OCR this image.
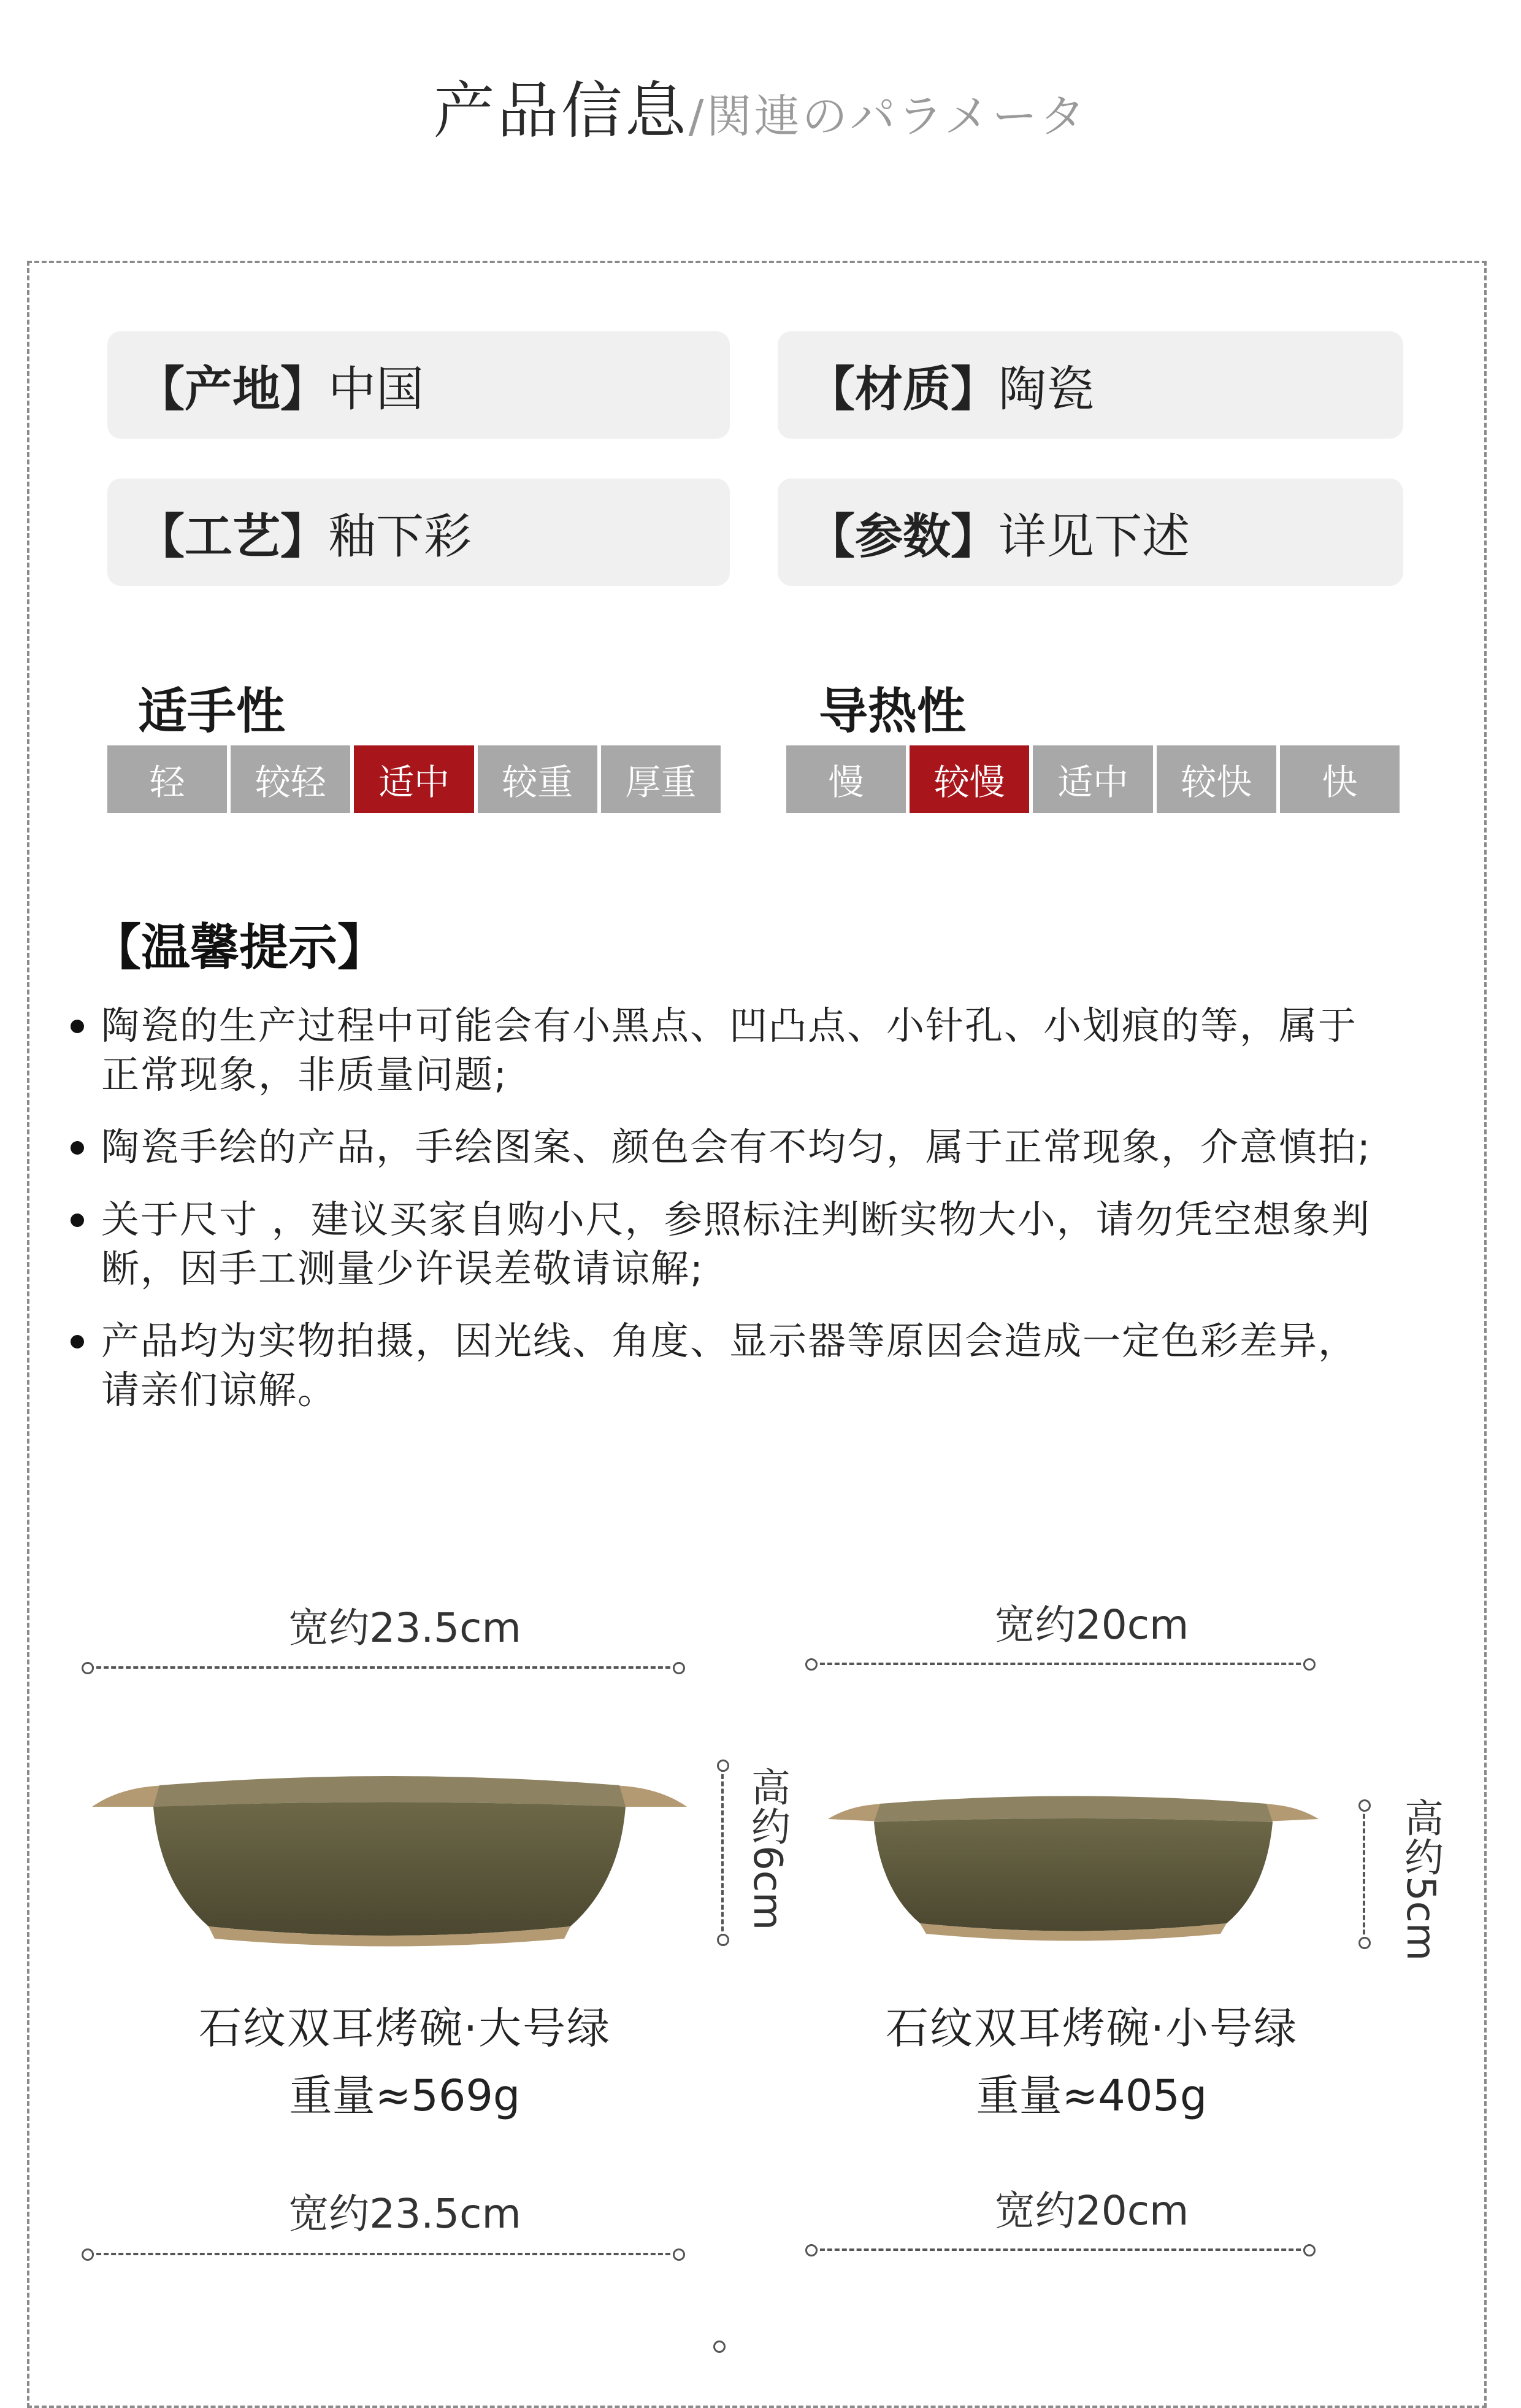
产品信息/関連のパラメータ
【产地】 中国	【材质】 陶瓷
【工艺】 釉下彩	【参数】 详见下述
适手性
轻	较轻	适中	较重	厚重
导热性
慢	较慢	适中	较快	快
【温馨提示】
陶瓷的生产过程中可能会有小黑点、凹凸点、小针孔、小划痕的等，属于正常现象，非质量问题;
陶瓷手绘的产品，手绘图案、颜色会有不均匀，属于正常现象，介意慎拍;
关于尺寸 ，建议买家自购小尺，参照标注判断实物大小，请勿凭空想象判断，因手工测量少许误差敬请谅解;
产品均为实物拍摄，因光线、角度、显示器等原因会造成一定色彩差异，请亲们谅解。
宽约23.5cm
高约6cm
石纹双耳烤碗·大号绿
重量≈569g
宽约20cm
高约5cm
石纹双耳烤碗·小号绿
重量≈405g
宽约23.5cm	宽约20cm
